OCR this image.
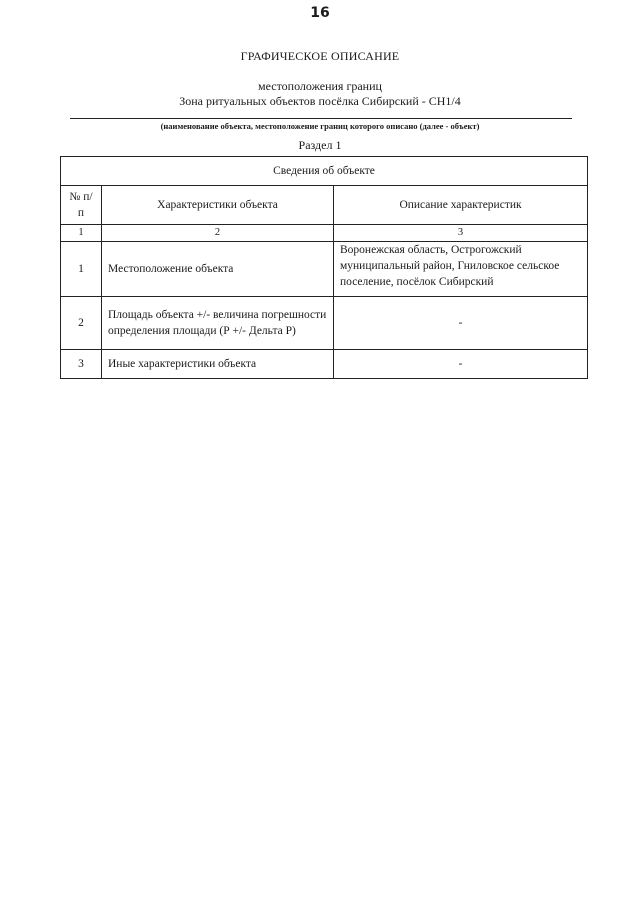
16
ГРАФИЧЕСКОЕ ОПИСАНИЕ
местоположения границ
Зона ритуальных объектов посёлка Сибирский - СН1/4
(наименование объекта, местоположение границ которого описано (далее - объект)
Раздел 1
Сведения об объекте		
№ п/п	Характеристики объекта	Описание характеристик
1	2	3
1	Местоположение объекта	Воронежская область, Острогожский муниципальный район, Гниловское сельское поселение, посёлок Сибирский
2	Площадь объекта +/- величина погрешности определения площади (Р +/- Дельта Р)	-
3	Иные характеристики объекта	-
